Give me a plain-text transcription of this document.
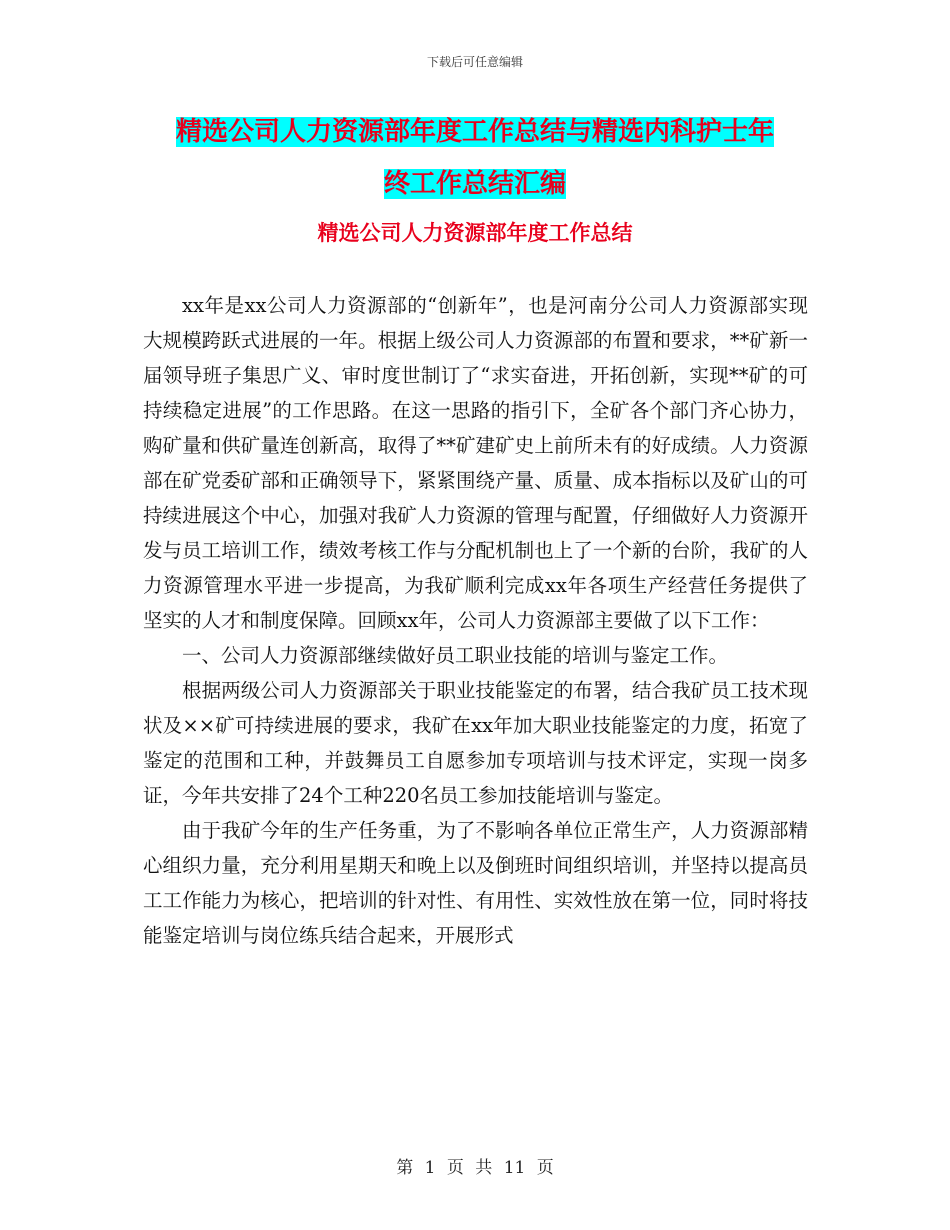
下载后可任意编辑
精选公司人力资源部年度工作总结与精选内科护士年
终工作总结汇编
精选公司人力资源部年度工作总结

xx年是xx公司人力资源部的“创新年”，也是河南分公司人力资源部实现大规模跨跃式进展的一年。根据上级公司人力资源部的布置和要求，**矿新一届领导班子集思广义、审时度世制订了“求实奋进，开拓创新，实现**矿的可持续稳定进展”的工作思路。在这一思路的指引下，全矿各个部门齐心协力，购矿量和供矿量连创新高，取得了**矿建矿史上前所未有的好成绩。人力资源部在矿党委矿部和正确领导下，紧紧围绕产量、质量、成本指标以及矿山的可持续进展这个中心，加强对我矿人力资源的管理与配置，仔细做好人力资源开发与员工培训工作，绩效考核工作与分配机制也上了一个新的台阶，我矿的人力资源管理水平进一步提高，为我矿顺利完成xx年各项生产经营任务提供了坚实的人才和制度保障。回顾xx年，公司人力资源部主要做了以下工作：

一、公司人力资源部继续做好员工职业技能的培训与鉴定工作。

根据两级公司人力资源部关于职业技能鉴定的布署，结合我矿员工技术现状及××矿可持续进展的要求，我矿在xx年加大职业技能鉴定的力度，拓宽了鉴定的范围和工种，并鼓舞员工自愿参加专项培训与技术评定，实现一岗多证，今年共安排了24个工种220名员工参加技能培训与鉴定。

由于我矿今年的生产任务重，为了不影响各单位正常生产，人力资源部精心组织力量，充分利用星期天和晚上以及倒班时间组织培训，并坚持以提高员工工作能力为核心，把培训的针对性、有用性、实效性放在第一位，同时将技能鉴定培训与岗位练兵结合起来，开展形式

第 1 页 共 11 页
